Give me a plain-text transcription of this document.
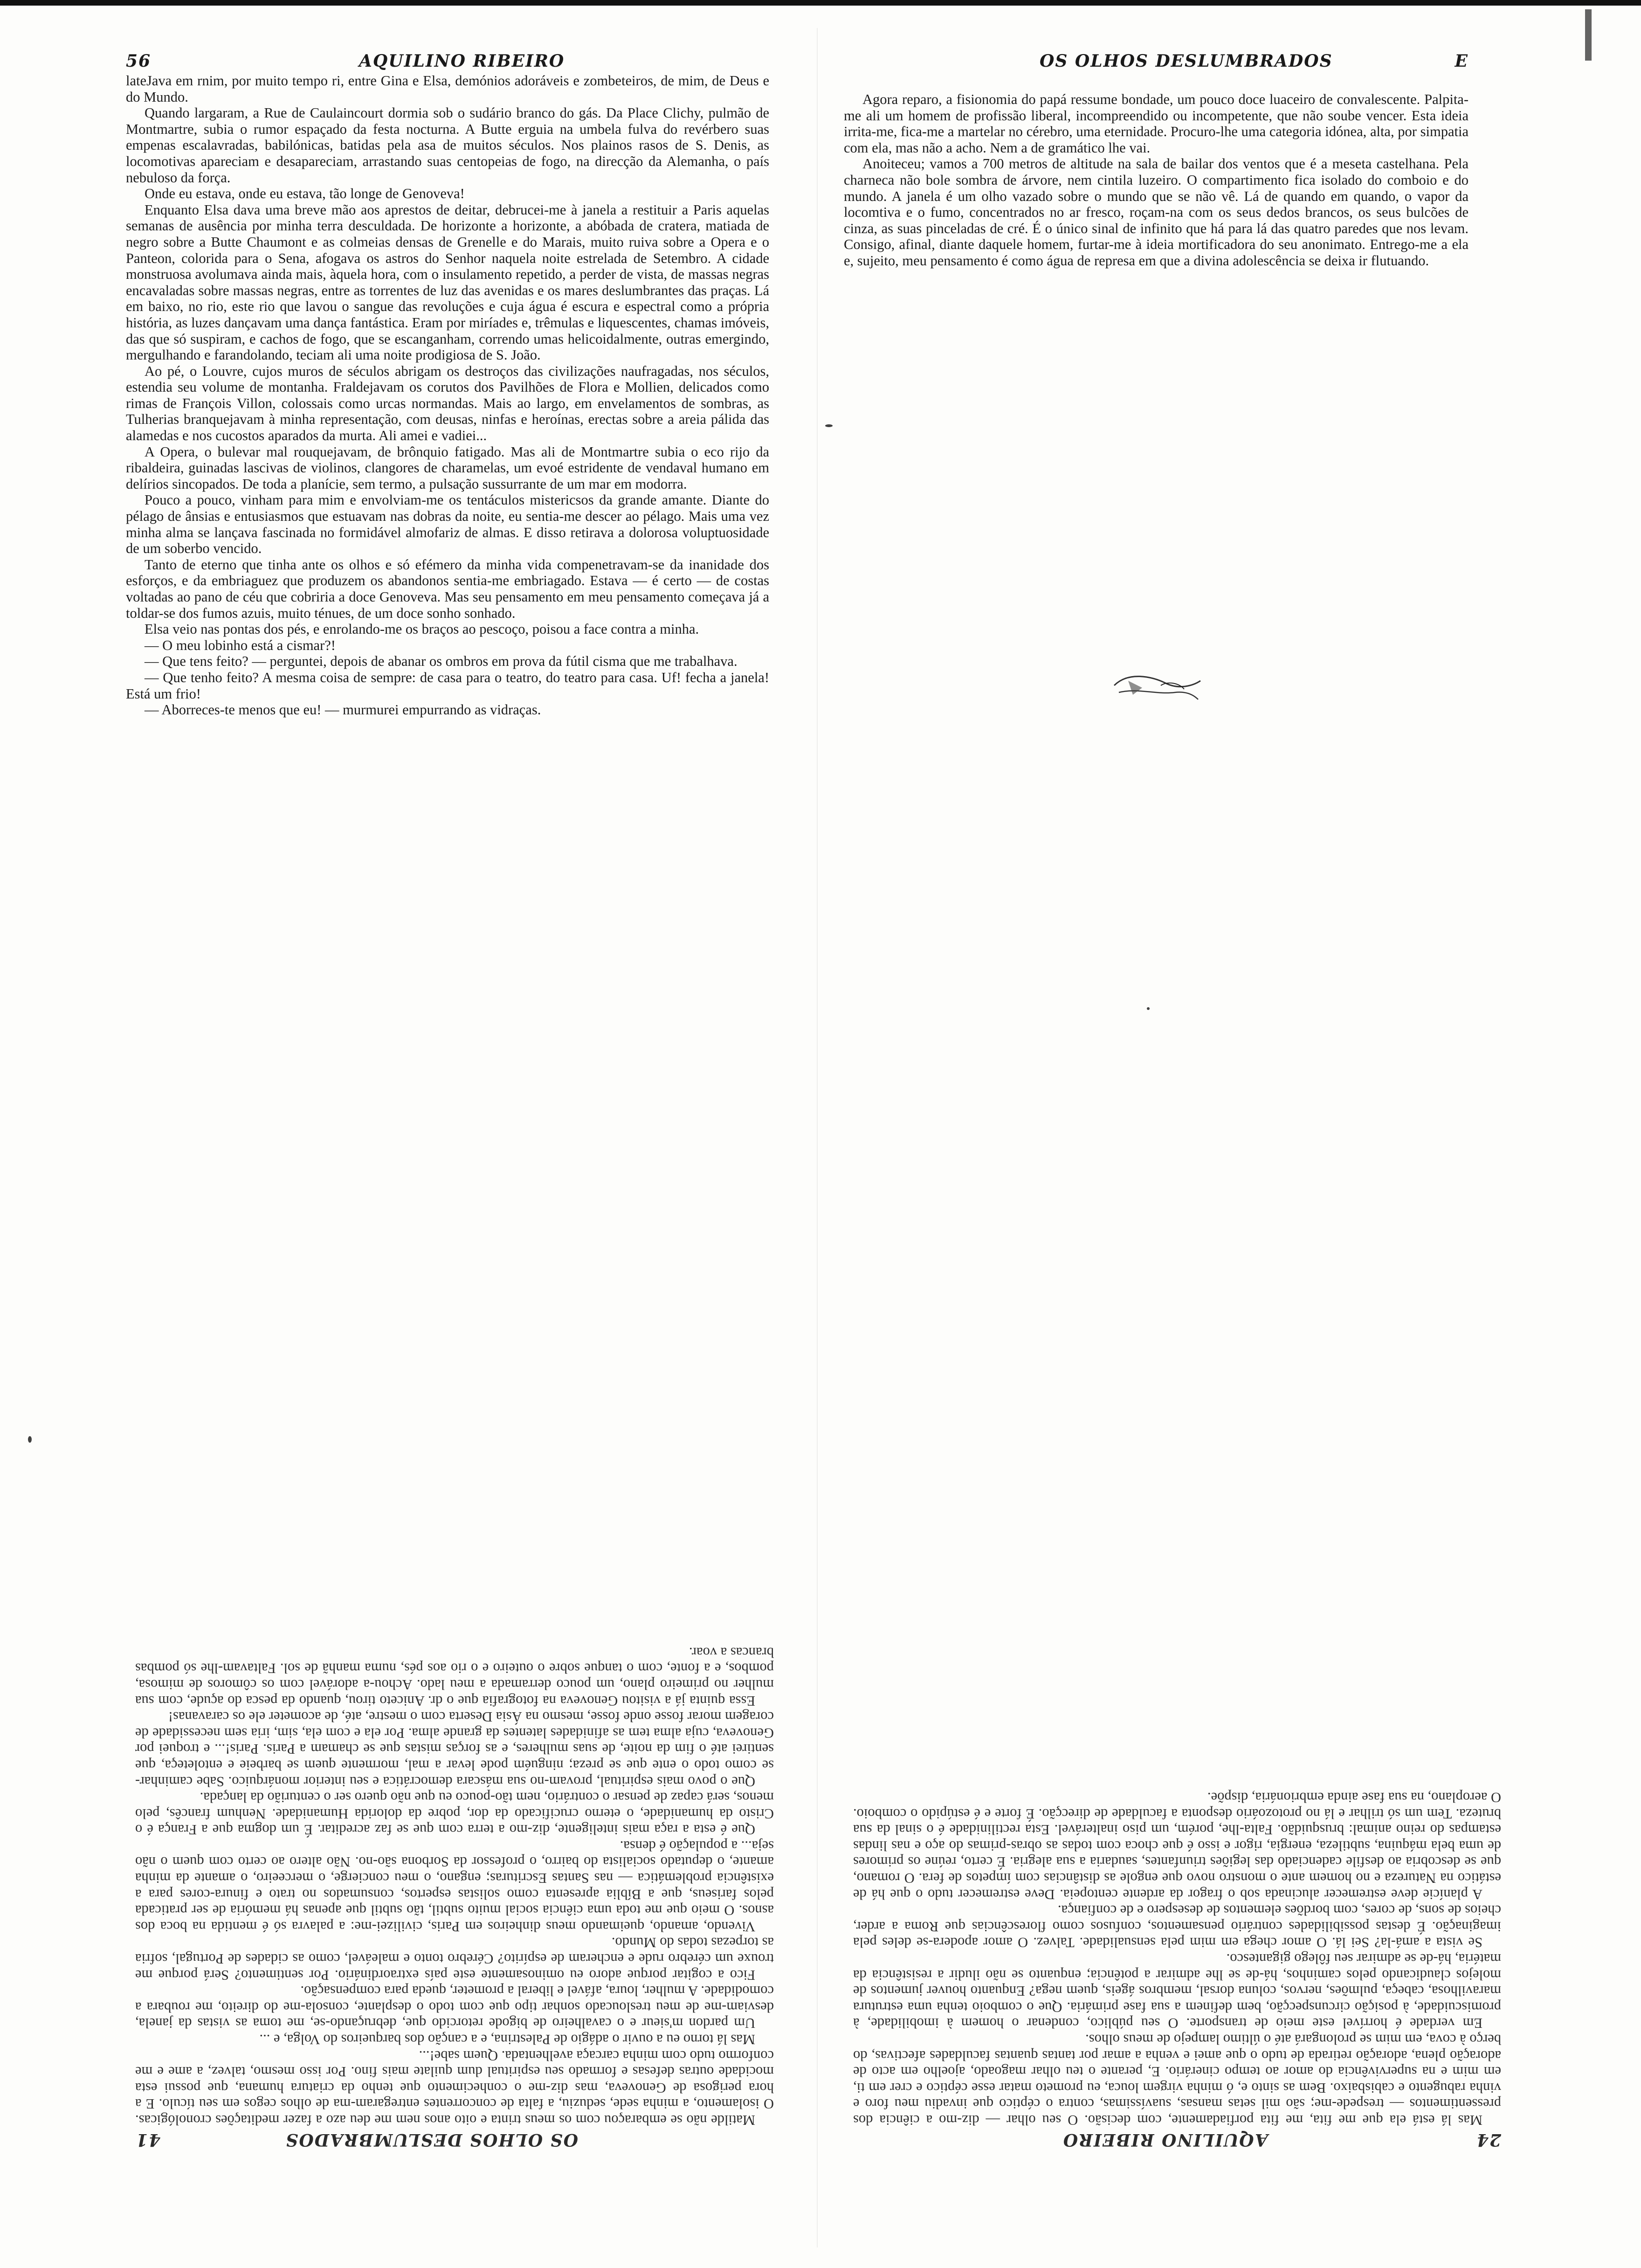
56	AQUILINO RIBEIRO

lateJava em rnim, por muito tempo ri, entre Gina e Elsa, demónios adoráveis e zombeteiros, de mim, de Deus e do Mundo.

Quando largaram, a Rue de Caulaincourt dormia sob o sudário branco do gás. Da Place Clichy, pulmão de Montmartre, subia o rumor espaçado da festa nocturna. A Butte erguia na umbela fulva do revérbero suas empenas escalavradas, babilónicas, batidas pela asa de muitos séculos. Nos plainos rasos de S. Denis, as locomotivas apareciam e desapareciam, arrastando suas centopeias de fogo, na direcção da Alemanha, o país nebuloso da força.

Onde eu estava, onde eu estava, tão longe de Genoveva!

Enquanto Elsa dava uma breve mão aos aprestos de deitar, debrucei-me à janela a restituir a Paris aquelas semanas de ausência por minha terra desculdada. De horizonte a horizonte, a abóbada de cratera, matiada de negro sobre a Butte Chaumont e as colmeias densas de Grenelle e do Marais, muito ruiva sobre a Opera e o Panteon, colorida para o Sena, afogava os astros do Senhor naquela noite estrelada de Setembro. A cidade monstruosa avolumava ainda mais, àquela hora, com o insulamento repetido, a perder de vista, de massas negras encavaladas sobre massas negras, entre as torrentes de luz das avenidas e os mares deslumbrantes das praças. Lá em baixo, no rio, este rio que lavou o sangue das revoluções e cuja água é escura e espectral como a própria história, as luzes dançavam uma dança fantástica. Eram por miríades e, trêmulas e liquescentes, chamas imóveis, das que só suspiram, e cachos de fogo, que se escanganham, correndo umas helicoidalmente, outras emergindo, mergulhando e farandolando, teciam ali uma noite prodigiosa de S. João.

Ao pé, o Louvre, cujos muros de séculos abrigam os destroços das civilizações naufragadas, nos séculos, estendia seu volume de montanha. Fraldejavam os corutos dos Pavilhões de Flora e Mollien, delicados como rimas de François Villon, colossais como urcas normandas. Mais ao largo, em envelamentos de sombras, as Tulherias branquejavam à minha representação, com deusas, ninfas e heroínas, erectas sobre a areia pálida das alamedas e nos cucostos aparados da murta. Ali amei e vadiei...

A Opera, o bulevar mal rouquejavam, de brônquio fatigado. Mas ali de Montmartre subia o eco rijo da ribaldeira, guinadas lascivas de violinos, clangores de charamelas, um evoé estridente de vendaval humano em delírios sincopados. De toda a planície, sem termo, a pulsação sussurrante de um mar em modorra.

Pouco a pouco, vinham para mim e envolviam-me os tentáculos mistericsos da grande amante. Diante do pélago de ânsias e entusiasmos que estuavam nas dobras da noite, eu sentia-me descer ao pélago. Mais uma vez minha alma se lançava fascinada no formidável almofariz de almas. E disso retirava a dolorosa voluptuosidade de um soberbo vencido.

Tanto de eterno que tinha ante os olhos e só efémero da minha vida compenetravam-se da inanidade dos esforços, e da embriaguez que produzem os abandonos sentia-me embriagado. Estava — é certo — de costas voltadas ao pano de céu que cobriria a doce Genoveva. Mas seu pensamento em meu pensamento começava já a toldar-se dos fumos azuis, muito ténues, de um doce sonho sonhado.

Elsa veio nas pontas dos pés, e enrolando-me os braços ao pescoço, poisou a face contra a minha.

— O meu lobinho está a cismar?!

— Que tens feito? — perguntei, depois de abanar os ombros em prova da fútil cisma que me trabalhava.

— Que tenho feito? A mesma coisa de sempre: de casa para o teatro, do teatro para casa. Uf! fecha a janela! Está um frio!

— Aborreces-te menos que eu! — murmurei empurrando as vidraças.

OS OLHOS DESLUMBRADOS	E

Agora reparo, a fisionomia do papá ressume bondade, um pouco doce luaceiro de convalescente. Palpita-me ali um homem de profissão liberal, incompreendido ou incompetente, que não soube vencer. Esta ideia irrita-me, fica-me a martelar no cérebro, uma eternidade. Procuro-lhe uma categoria idónea, alta, por simpatia com ela, mas não a acho. Nem a de gramático lhe vai.

Anoiteceu; vamos a 700 metros de altitude na sala de bailar dos ventos que é a meseta castelhana. Pela charneca não bole sombra de árvore, nem cintila luzeiro. O compartimento fica isolado do comboio e do mundo. A janela é um olho vazado sobre o mundo que se não vê. Lá de quando em quando, o vapor da locomtiva e o fumo, concentrados no ar fresco, roçam-na com os seus dedos brancos, os seus bulcões de cinza, as suas pinceladas de cré. É o único sinal de infinito que há para lá das quatro paredes que nos levam. Consigo, afinal, diante daquele homem, furtar-me à ideia mortificadora do seu anonimato. Entrego-me a ela e, sujeito, meu pensamento é como água de represa em que a divina adolescência se deixa ir flutuando.

OS OLHOS DESLUMBRADOS
41

Matilde não se embaraçou com os meus trinta e oito anos nem me deu azo a fazer meditações cronológicas. O isolamento, a minha sede, seduziu, a falta de concorrentes entregaram-ma de olhos cegos em seu tículo. E a hora perigosa de Genoveva, mas diz-me o conhecimento que tenho da criatura humana, que possui esta mocidade outras defesas e formado seu espiritual dum quilate mais fino. Por isso mesmo, talvez, a ame e me conformo tudo com minha carcaça avelhentada. Quem sabe!...

Mas lá torno eu a ouvir o adágio de Palestrina, e a canção dos barqueiros do Volga, e ...

Um pardon m'sieur e o cavalheiro de bigode retorcido que, debruçando-se, me toma as vistas da janela, desviam-me de meu tresloucado sonhar tipo que com todo o desplante, consola-me do direito, me roubara a comodidade. A mulher, loura, afável e liberal a prometer, queda para compensação.

Fico a cogitar porque adoro eu ominosamente este país extraordinário. Por sentimento? Será porque me trouxe um cérebro rude e encheram de espírito? Cérebro tonto e maleável, como as cidades de Portugal, sofria as torpezas todas do Mundo.

Vivendo, amando, queimando meus dinheiros em Paris, civilizei-me: a palavra só é mentida na boca dos asnos. O meio que me toda uma ciência social muito subtil, tão subtil que apenas há memória de ser praticada pelos fariseus, que a Bíblia apresenta como solistas espertos, consumados no trato e finura-cores para a existência problemática — nas Santas Escrituras; engano, o meu concierge, o merceeiro, o amante da minha amante, o deputado socialista do bairro, o professor da Sorbona são-no. Não altero ao certo com quem o não seja... a população é densa.

Que é esta a raça mais inteligente, diz-mo a terra com que se faz acreditar. É um dogma que a França é o Cristo da humanidade, o eterno crucificado da dor, pobre da dolorida Humanidade. Nenhum francês, pelo menos, será capaz de pensar o contrário, nem tão-pouco eu que não quero ser o centurião da lançada.

Que o povo mais espiritual, provam-no sua máscara democrática e seu interior monárquico. Sabe caminhar-se como todo o ente que se preza; ninguém pode levar a mal, mormente quem se barbeie e entoleteça, que sentirei até o fim da noite, de suas mulheres, e as forças mistas que se chamam a Paris. Paris!... e troquei por Genoveva, cuja alma tem as afinidades latentes da grande alma. Por ela e com ela, sim, iria sem necessidade de coragem morar fosse onde fosse, mesmo na Ásia Deserta com o mestre, até, de acometer ele os caravanas!

Essa quinta já a visitou Genoveva na fotografia que o dr. Aniceto tirou, quando da pesca do açude, com sua mulher no primeiro plano, um pouco derramada a meu lado. Achou-a adorável com os cômoros de mimosa, pombos, e a fonte, com o tanque sobre o outeiro e o rio aos pés, numa manhã de sol. Faltavam-lhe só pombas brancas a voar.

24
AQUILINO RIBEIRO

Mas lá está ela que me fita, me fita porfiadamente, com decisão. O seu olhar — diz-mo a ciência dos pressentimentos — trespede-me; são mil setas mansas, suavíssimas, contra o céptico que invadiu meu foro e vinha rabugento e cabisbaixo. Bem as sinto e, ó minha virgem louca, eu prometo matar esse céptico e crer em ti, em mim e na supervivência do amor ao tempo cinerário. E, perante o teu olhar magoado, ajoelho em acto de adoração plena, adoração retirada de tudo o que amei e venha a amar por tantas quantas faculdades afectivas, do berço à cova, em mim se prolongará até o último lampejo de meus olhos.

Em verdade é horrível este meio de transporte. O seu público, condenar o homem à imobilidade, à promiscuidade, à posição circunspecção, bem definem a sua fase primária. Que o comboio tenha uma estrutura maravilhosa, cabeça, pulmões, nervos, coluna dorsal, membros ágeis, quem nega? Enquanto houver jumentos de molejos claudicando pelos caminhos, há-de se lhe admirar a potência; enquanto se não iludir a resistência da matéria, há-de se admirar seu fôlego gigantesco.

Se vista a amá-la? Sei lá. O amor chega em mim pela sensualidade. Talvez. O amor apodera-se deles pela imaginação. É destas possibilidades contrário pensamentos, confusos como florescências que Roma a arder, cheios de sons, de cores, com bordões elementos de desespero e de confiança.

A planície deve estremecer alucinada sob o fragor da ardente centopeia. Deve estremecer tudo o que há de estático na Natureza e no homem ante o monstro novo que engole as distâncias com ímpetos de fera. O romano, que se descobria ao desfile cadenciado das legiões triunfantes, saudaria a sua alegria. É certo, reúne os primores de uma bela máquina, subtileza, energia, rigor e isso é que choca com todas as obras-primas do aço e nas lindas estampas do reino animal: brusquidão. Falta-lhe, porém, um piso inalterável. Esta rectilinidade é o sinal da sua bruteza. Tem um só trilhar e lá no protozoário desponta a faculdade de direcção. É forte e é estúpido o comboio. O aeroplano, na sua fase ainda embrionária, dispõe.
